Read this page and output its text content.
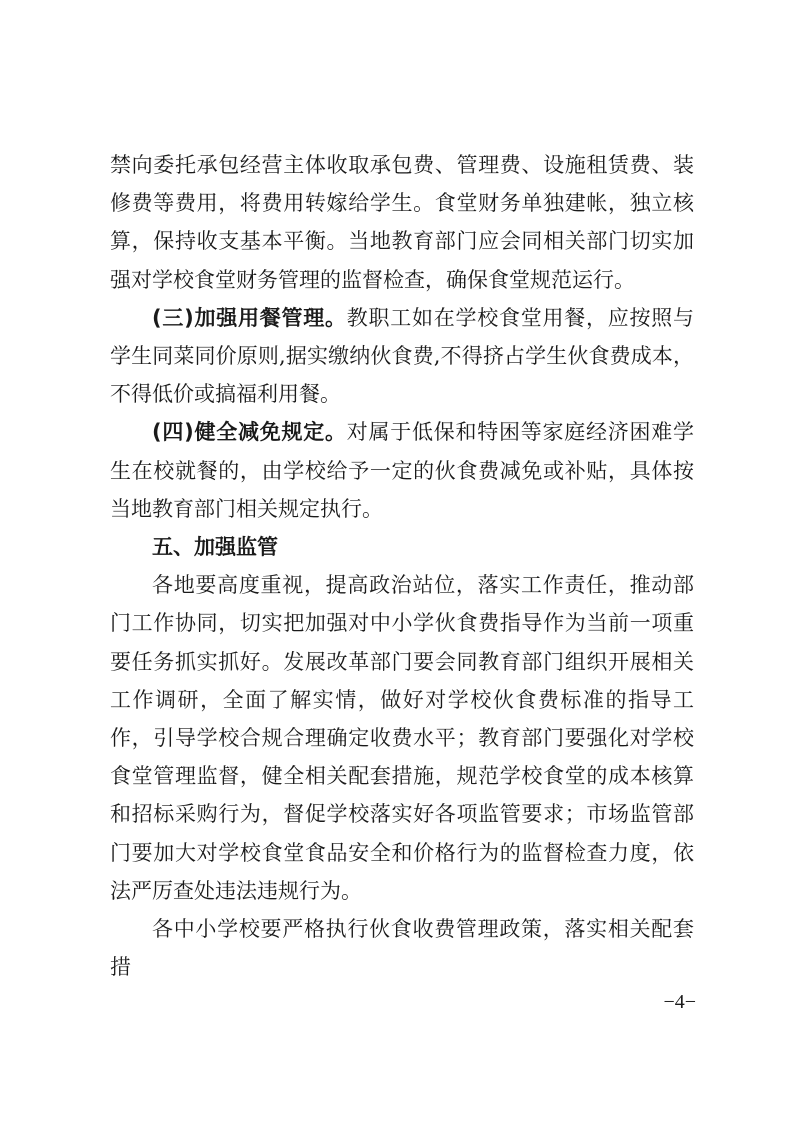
禁向委托承包经营主体收取承包费、管理费、设施租赁费、装修费等费用，将费用转嫁给学生。食堂财务单独建帐，独立核算，保持收支基本平衡。当地教育部门应会同相关部门切实加强对学校食堂财务管理的监督检查，确保食堂规范运行。

(三)加强用餐管理。教职工如在学校食堂用餐，应按照与学生同菜同价原则,据实缴纳伙食费,不得挤占学生伙食费成本，不得低价或搞福利用餐。

(四)健全减免规定。对属于低保和特困等家庭经济困难学生在校就餐的，由学校给予一定的伙食费减免或补贴，具体按当地教育部门相关规定执行。

五、加强监管

各地要高度重视，提高政治站位，落实工作责任，推动部门工作协同，切实把加强对中小学伙食费指导作为当前一项重要任务抓实抓好。发展改革部门要会同教育部门组织开展相关工作调研，全面了解实情，做好对学校伙食费标准的指导工作，引导学校合规合理确定收费水平；教育部门要强化对学校食堂管理监督，健全相关配套措施，规范学校食堂的成本核算和招标采购行为，督促学校落实好各项监管要求；市场监管部门要加大对学校食堂食品安全和价格行为的监督检查力度，依法严厉查处违法违规行为。

各中小学校要严格执行伙食收费管理政策，落实相关配套措

−4−
